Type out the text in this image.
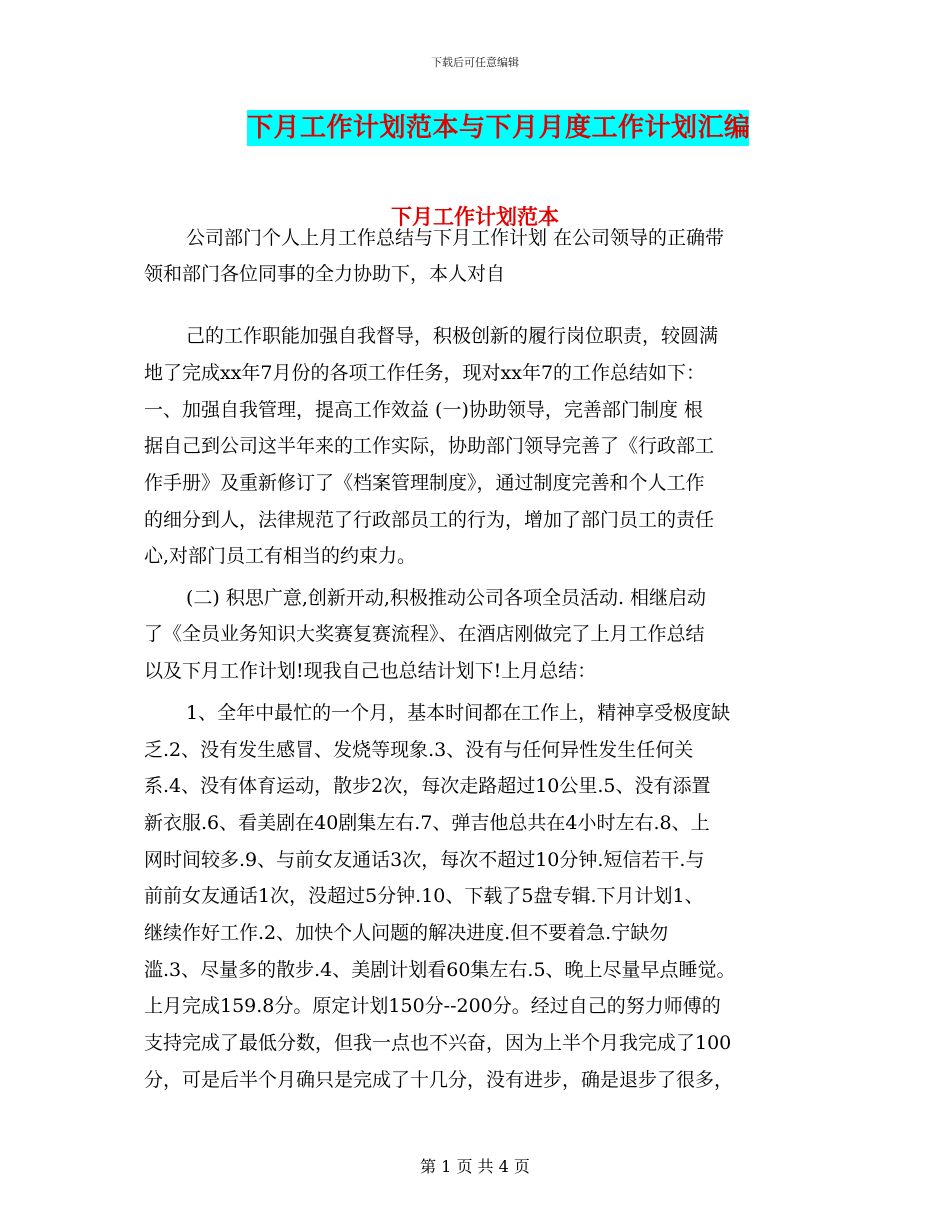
下载后可任意编辑
下月工作计划范本与下月月度工作计划汇编
下月工作计划范本
公司部门个人上月工作总结与下月工作计划 在公司领导的正确带
领和部门各位同事的全力协助下，本人对自
己的工作职能加强自我督导，积极创新的履行岗位职责，较圆满
地了完成xx年7月份的各项工作任务，现对xx年7的工作总结如下：
一、加强自我管理，提高工作效益 (一)协助领导，完善部门制度 根
据自己到公司这半年来的工作实际，协助部门领导完善了《行政部工
作手册》及重新修订了《档案管理制度》，通过制度完善和个人工作
的细分到人，法律规范了行政部员工的行为，增加了部门员工的责任
心,对部门员工有相当的约束力。
(二) 积思广意,创新开动,积极推动公司各项全员活动. 相继启动
了《全员业务知识大奖赛复赛流程》、在酒店刚做完了上月工作总结
以及下月工作计划!现我自己也总结计划下!上月总结：
1、全年中最忙的一个月，基本时间都在工作上，精神享受极度缺
乏.2、没有发生感冒、发烧等现象.3、没有与任何异性发生任何关
系.4、没有体育运动，散步2次，每次走路超过10公里.5、没有添置
新衣服.6、看美剧在40剧集左右.7、弹吉他总共在4小时左右.8、上
网时间较多.9、与前女友通话3次，每次不超过10分钟.短信若干.与
前前女友通话1次，没超过5分钟.10、下载了5盘专辑.下月计划1、
继续作好工作.2、加快个人问题的解决进度.但不要着急.宁缺勿
滥.3、尽量多的散步.4、美剧计划看60集左右.5、晚上尽量早点睡觉。
上月完成159.8分。原定计划150分--200分。经过自己的努力师傅的
支持完成了最低分数，但我一点也不兴奋，因为上半个月我完成了100
分，可是后半个月确只是完成了十几分，没有进步，确是退步了很多，
第 1 页 共 4 页
